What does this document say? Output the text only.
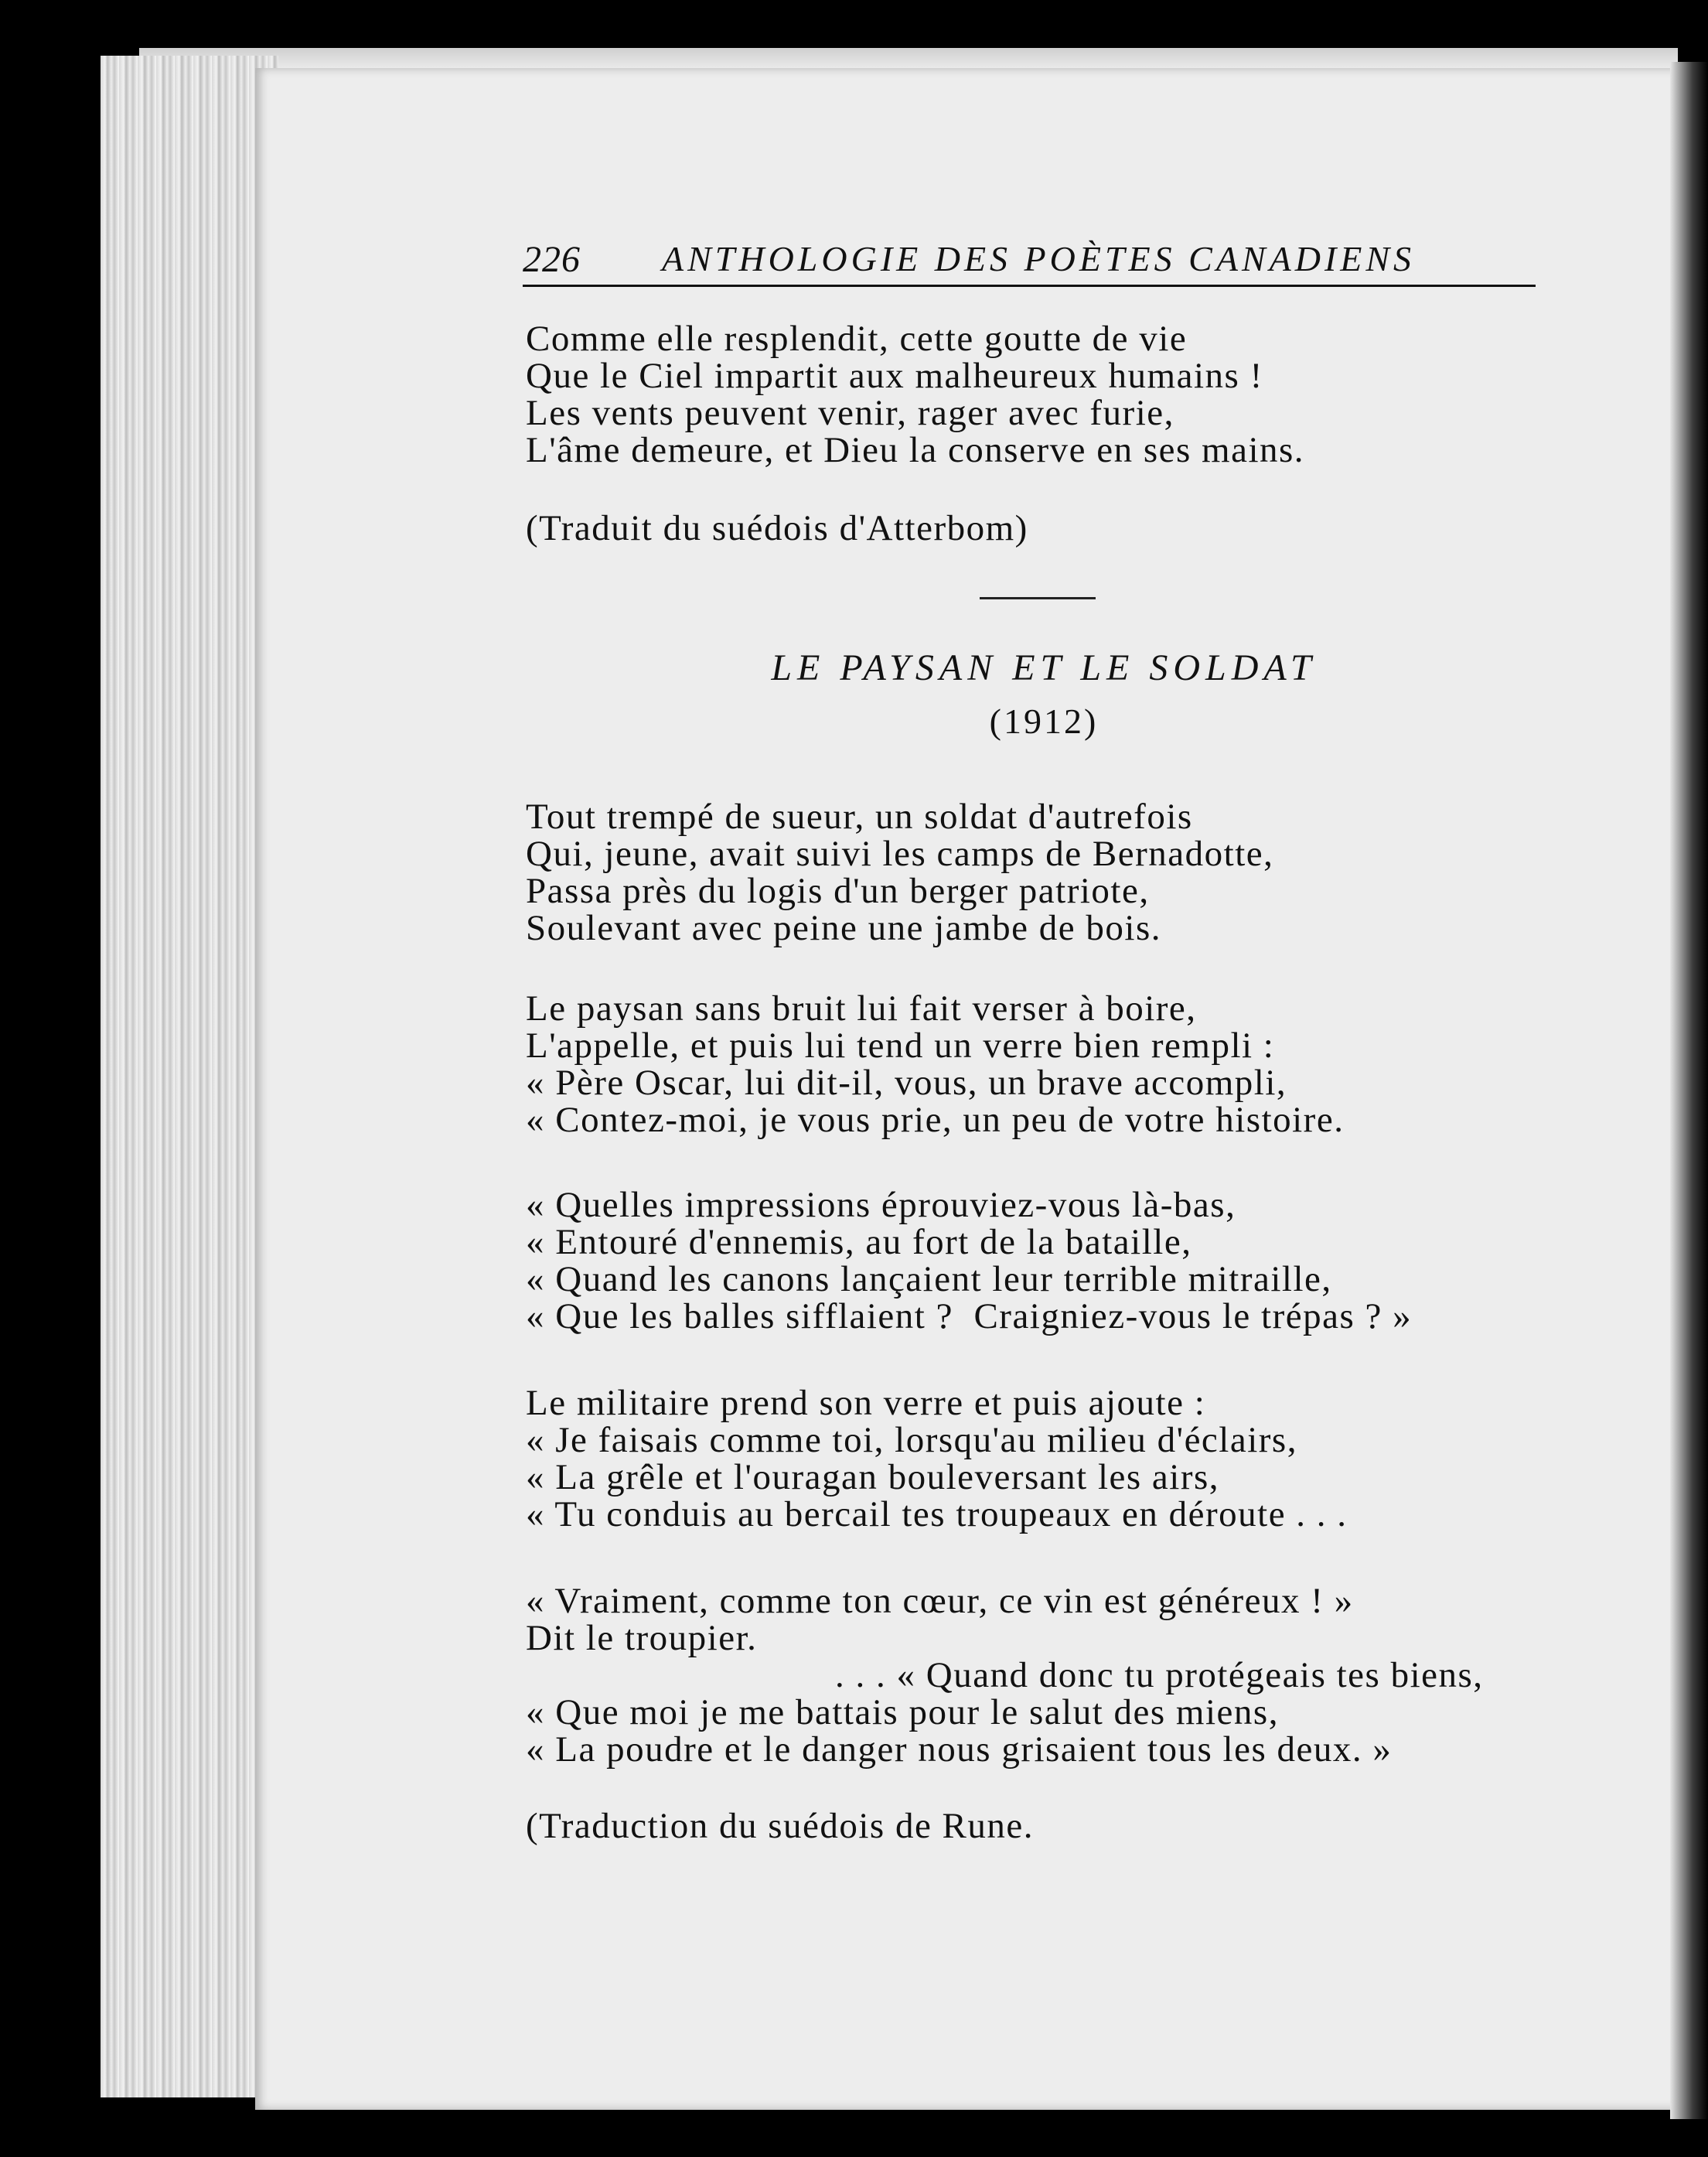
226 ANTHOLOGIE DES POÈTES CANADIENS
Comme elle resplendit, cette goutte de vie
Que le Ciel impartit aux malheureux humains !
Les vents peuvent venir, rager avec furie,
L'âme demeure, et Dieu la conserve en ses mains.
(Traduit du suédois d'Atterbom)
LE PAYSAN ET LE SOLDAT
(1912)
Tout trempé de sueur, un soldat d'autrefois
Qui, jeune, avait suivi les camps de Bernadotte,
Passa près du logis d'un berger patriote,
Soulevant avec peine une jambe de bois.
Le paysan sans bruit lui fait verser à boire,
L'appelle, et puis lui tend un verre bien rempli :
« Père Oscar, lui dit-il, vous, un brave accompli,
« Contez-moi, je vous prie, un peu de votre histoire.
« Quelles impressions éprouviez-vous là-bas,
« Entouré d'ennemis, au fort de la bataille,
« Quand les canons lançaient leur terrible mitraille,
« Que les balles sifflaient ?  Craigniez-vous le trépas ? »
Le militaire prend son verre et puis ajoute :
« Je faisais comme toi, lorsqu'au milieu d'éclairs,
« La grêle et l'ouragan bouleversant les airs,
« Tu conduis au bercail tes troupeaux en déroute . . .
« Vraiment, comme ton cœur, ce vin est généreux ! »
Dit le troupier.
. . . « Quand donc tu protégeais tes biens,
« Que moi je me battais pour le salut des miens,
« La poudre et le danger nous grisaient tous les deux. »
(Traduction du suédois de Rune.
